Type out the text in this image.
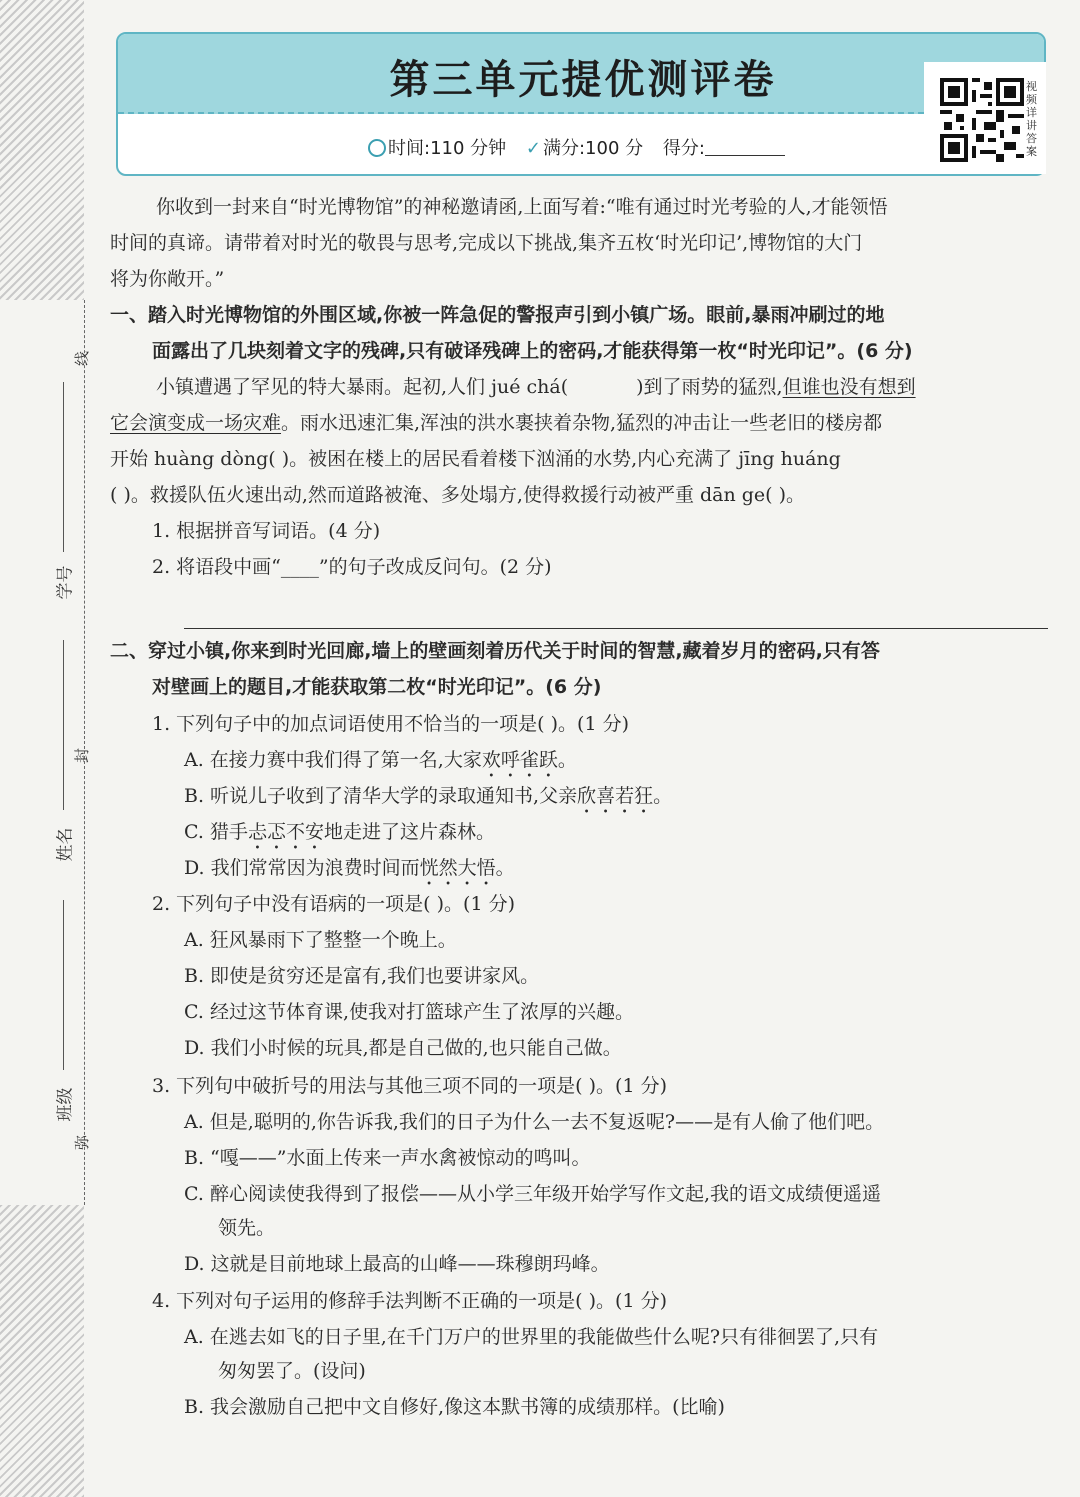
线
封
弥
学号
姓名
班级
第三单元提优测评卷
时间:110 分钟 ✓ 满分:100 分 得分:
视频详讲答案
你收到一封来自“时光博物馆”的神秘邀请函,上面写着:“唯有通过时光考验的人,才能领悟
时间的真谛。请带着对时光的敬畏与思考,完成以下挑战,集齐五枚‘时光印记’,博物馆的大门
将为你敞开。”
一、踏入时光博物馆的外围区域,你被一阵急促的警报声引到小镇广场。眼前,暴雨冲刷过的地
面露出了几块刻着文字的残碑,只有破译残碑上的密码,才能获得第一枚“时光印记”。(6 分)
小镇遭遇了罕见的特大暴雨。起初,人们 jué chá(	)到了雨势的猛烈,但谁也没有想到
它会演变成一场灾难。雨水迅速汇集,浑浊的洪水裹挟着杂物,猛烈的冲击让一些老旧的楼房都
开始 huàng dòng( )。被困在楼上的居民看着楼下汹涌的水势,内心充满了 jīng huáng
( )。救援队伍火速出动,然而道路被淹、多处塌方,使得救援行动被严重 dān ge( )。
1. 根据拼音写词语。(4 分)
2. 将语段中画“____”的句子改成反问句。(2 分)
二、穿过小镇,你来到时光回廊,墙上的壁画刻着历代关于时间的智慧,藏着岁月的密码,只有答
对壁画上的题目,才能获取第二枚“时光印记”。(6 分)
1. 下列句子中的加点词语使用不恰当的一项是( )。(1 分)
A. 在接力赛中我们得了第一名,大家欢呼雀跃。
B. 听说儿子收到了清华大学的录取通知书,父亲欣喜若狂。
C. 猎手忐忑不安地走进了这片森林。
D. 我们常常因为浪费时间而恍然大悟。
2. 下列句子中没有语病的一项是( )。(1 分)
A. 狂风暴雨下了整整一个晚上。
B. 即使是贫穷还是富有,我们也要讲家风。
C. 经过这节体育课,使我对打篮球产生了浓厚的兴趣。
D. 我们小时候的玩具,都是自己做的,也只能自己做。
3. 下列句中破折号的用法与其他三项不同的一项是( )。(1 分)
A. 但是,聪明的,你告诉我,我们的日子为什么一去不复返呢?——是有人偷了他们吧。
B. “嘎——”水面上传来一声水禽被惊动的鸣叫。
C. 醉心阅读使我得到了报偿——从小学三年级开始学写作文起,我的语文成绩便遥遥
领先。
D. 这就是目前地球上最高的山峰——珠穆朗玛峰。
4. 下列对句子运用的修辞手法判断不正确的一项是( )。(1 分)
A. 在逃去如飞的日子里,在千门万户的世界里的我能做些什么呢?只有徘徊罢了,只有
匆匆罢了。(设问)
B. 我会激励自己把中文自修好,像这本默书簿的成绩那样。(比喻)
